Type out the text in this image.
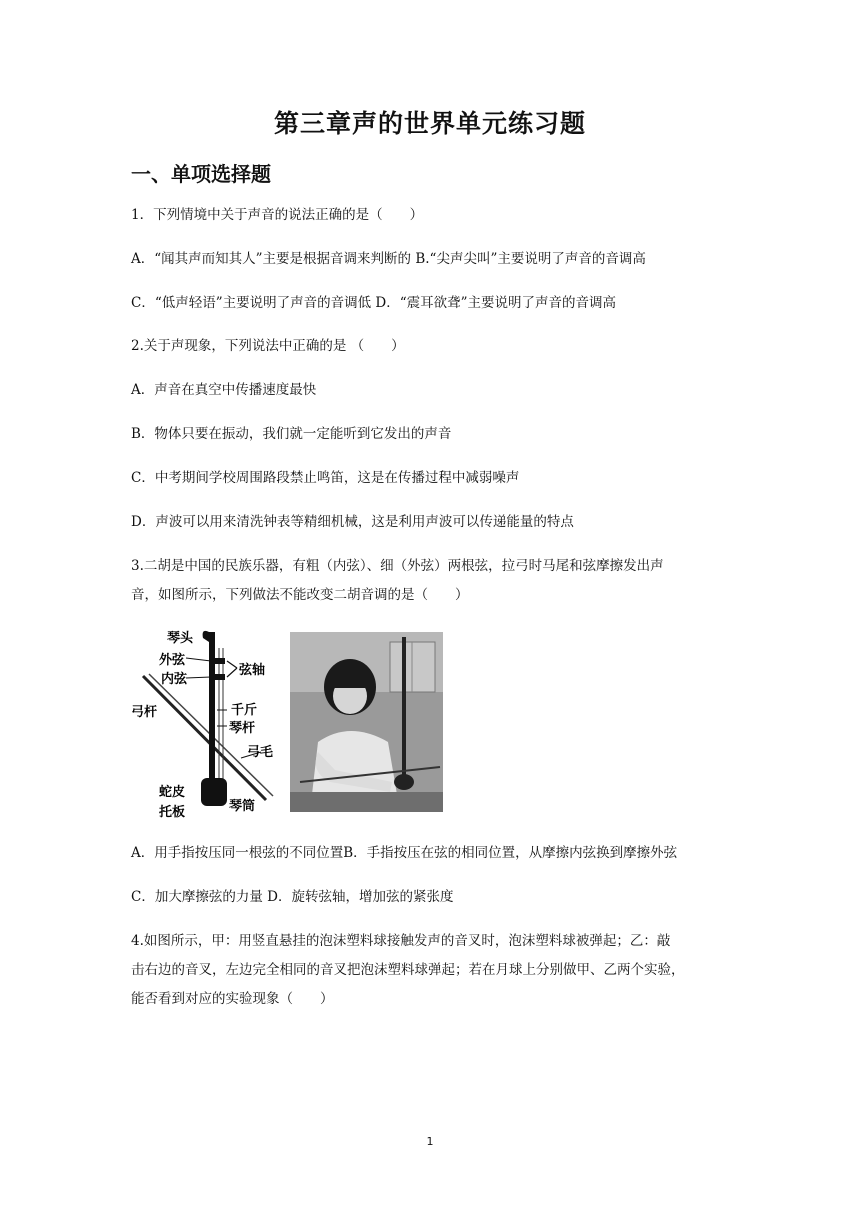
第三章声的世界单元练习题
一、单项选择题
1．下列情境中关于声音的说法正确的是（　　）
A．“闻其声而知其人”主要是根据音调来判断的 B.“尖声尖叫”主要说明了声音的音调高
C．“低声轻语”主要说明了声音的音调低 D．“震耳欲聋”主要说明了声音的音调高
2.关于声现象，下列说法中正确的是 （　　）
A．声音在真空中传播速度最快
B．物体只要在振动，我们就一定能听到它发出的声音
C．中考期间学校周围路段禁止鸣笛，这是在传播过程中减弱噪声
D．声波可以用来清洗钟表等精细机械，这是利用声波可以传递能量的特点
3.二胡是中国的民族乐器，有粗（内弦）、细（外弦）两根弦，拉弓时马尾和弦摩擦发出声
音，如图所示，下列做法不能改变二胡音调的是（　　）
琴头
外弦
内弦
弦轴
弓杆	千斤
琴杆
弓毛
蛇皮
托板	琴筒
A．用手指按压同一根弦的不同位置B．手指按压在弦的相同位置，从摩擦内弦换到摩擦外弦
C．加大摩擦弦的力量 D．旋转弦轴，增加弦的紧张度
4.如图所示，甲：用竖直悬挂的泡沫塑料球接触发声的音叉时，泡沫塑料球被弹起；乙：敲
击右边的音叉，左边完全相同的音叉把泡沫塑料球弹起；若在月球上分别做甲、乙两个实验，
能否看到对应的实验现象（　　）
1
